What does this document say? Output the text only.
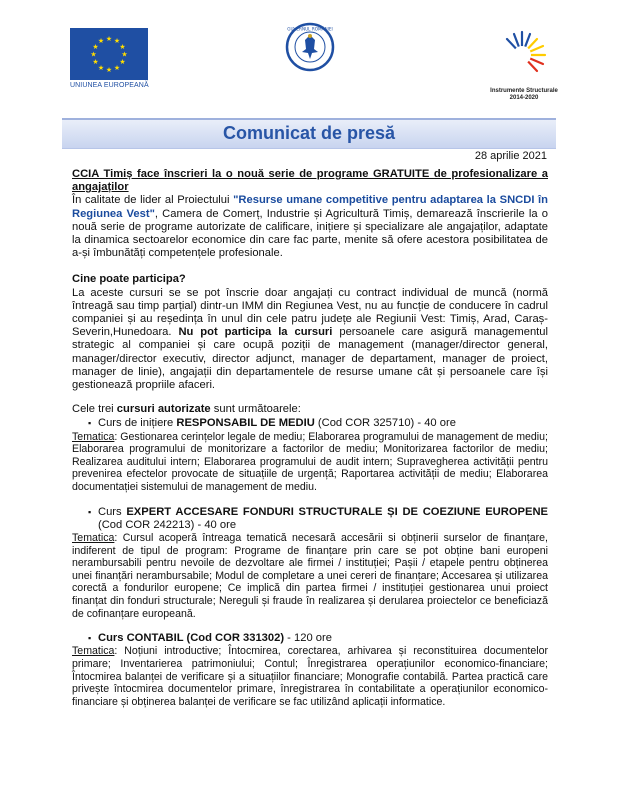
★ ★
★
★
★
★
★
★
★
★
★
★
UNIUNEA EUROPEANĂ
GUVERNUL ROMÂNIEI
Instrumente Structurale
2014-2020
Comunicat de presă
28 aprilie 2021

CCIA Timiș face înscrieri la o nouă serie de programe GRATUITE de profesionalizare a angajaților

În calitate de lider al Proiectului "Resurse umane competitive pentru adaptarea la SNCDI în Regiunea Vest", Camera de Comerț, Industrie și Agricultură Timiș, demarează înscrierile la o nouă serie de programe autorizate de calificare, inițiere și specializare ale angajaților, adaptate la dinamica sectoarelor economice din care fac parte, menite să ofere acestora posibilitatea de a-și îmbunătăți competențele profesionale.

Cine poate participa?

La aceste cursuri se se pot înscrie doar angajați cu contract individual de muncă (normă întreagă sau timp parțial) dintr-un IMM din Regiunea Vest, nu au funcție de conducere în cadrul companiei și au reședința în unul din cele patru județe ale Regiunii Vest: Timiș, Arad, Caraș-Severin,Hunedoara. Nu pot participa la cursuri persoanele care asigură managementul strategic al companiei și care ocupă poziții de management (manager/director general, manager/director executiv, director adjunct, manager de departament, manager de proiect, manager de linie), angajații din departamentele de resurse umane cât și persoanele care își gestionează propriile afaceri.

Cele trei cursuri autorizate sunt următoarele:

▪ Curs de inițiere RESPONSABIL DE MEDIU (Cod COR 325710) - 40 ore

Tematica: Gestionarea cerințelor legale de mediu; Elaborarea programului de management de mediu; Elaborarea programului de monitorizare a factorilor de mediu; Monitorizarea factorilor de mediu; Realizarea auditului intern; Elaborarea programului de audit intern; Supravegherea activității pentru prevenirea efectelor provocate de situațiile de urgență; Raportarea activității de mediu; Elaborarea documentației sistemului de management de mediu.

▪ Curs EXPERT ACCESARE FONDURI STRUCTURALE ȘI DE COEZIUNE EUROPENE (Cod COR 242213) - 40 ore

Tematica: Cursul acoperă întreaga tematică necesară accesării si obținerii surselor de finanțare, indiferent de tipul de program: Programe de finanțare prin care se pot obține bani europeni nerambursabili pentru nevoile de dezvoltare ale firmei / instituției; Pașii / etapele pentru obținerea unei finanțări nerambursabile; Modul de completare a unei cereri de finanțare; Accesarea și utilizarea corectă a fondurilor europene; Ce implică din partea firmei / instituției gestionarea unui proiect finanțat din fonduri structurale; Nereguli și fraude în realizarea și derularea proiectelor ce beneficiază de cofinanțare europeană.

▪ Curs CONTABIL (Cod COR 331302) - 120 ore

Tematica: Noțiuni introductive; Întocmirea, corectarea, arhivarea și reconstituirea documentelor primare; Inventarierea patrimoniului; Contul; Înregistrarea operațiunilor economico-financiare; Întocmirea balanței de verificare și a situațiilor financiare; Monografie contabilă. Partea practică care privește întocmirea documentelor primare, înregistrarea în contabilitate a operațiunilor economico-financiare și obținerea balanței de verificare se fac utilizând aplicații informatice.
